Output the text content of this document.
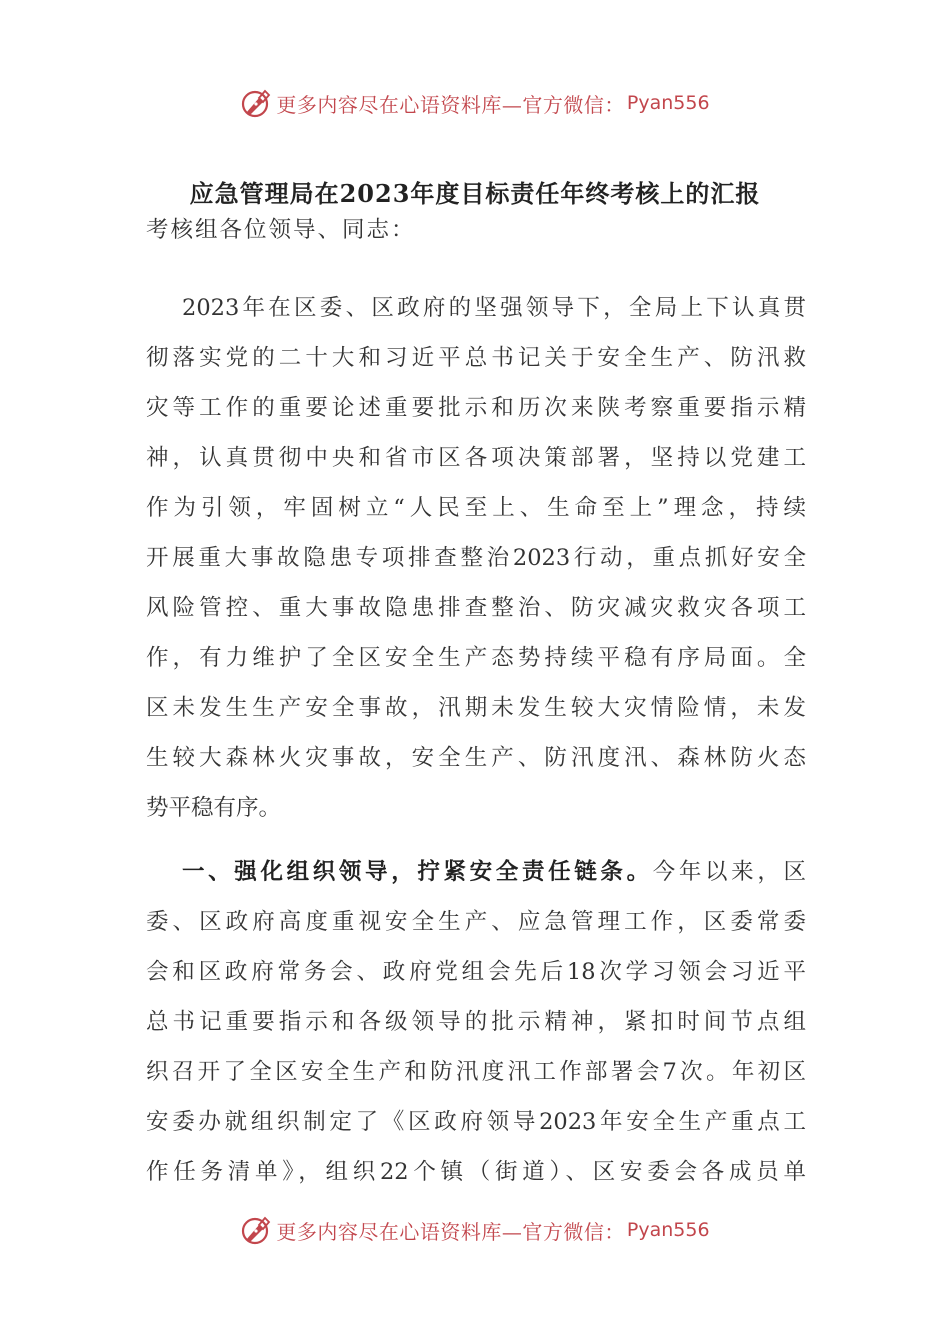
更多内容尽在心语资料库—官方微信： Pyan556
应急管理局在2023年度目标责任年终考核上的汇报

考核组各位领导、同志：

2023年在区委、区政府的坚强领导下，全局上下认真贯
彻落实党的二十大和习近平总书记关于安全生产、防汛救
灾等工作的重要论述重要批示和历次来陕考察重要指示精
神，认真贯彻中央和省市区各项决策部署，坚持以党建工
作为引领，牢固树立“人民至上、生命至上”理念，持续
开展重大事故隐患专项排查整治2023行动，重点抓好安全
风险管控、重大事故隐患排查整治、防灾减灾救灾各项工
作，有力维护了全区安全生产态势持续平稳有序局面。全
区未发生生产安全事故，汛期未发生较大灾情险情，未发
生较大森林火灾事故，安全生产、防汛度汛、森林防火态
势平稳有序。
一、强化组织领导，拧紧安全责任链条。今年以来，区
委、区政府高度重视安全生产、应急管理工作，区委常委
会和区政府常务会、政府党组会先后18次学习领会习近平
总书记重要指示和各级领导的批示精神，紧扣时间节点组
织召开了全区安全生产和防汛度汛工作部署会7次。年初区
安委办就组织制定了《区政府领导2023年安全生产重点工
作任务清单》，组织22个镇（街道）、区安委会各成员单
更多内容尽在心语资料库—官方微信： Pyan556
